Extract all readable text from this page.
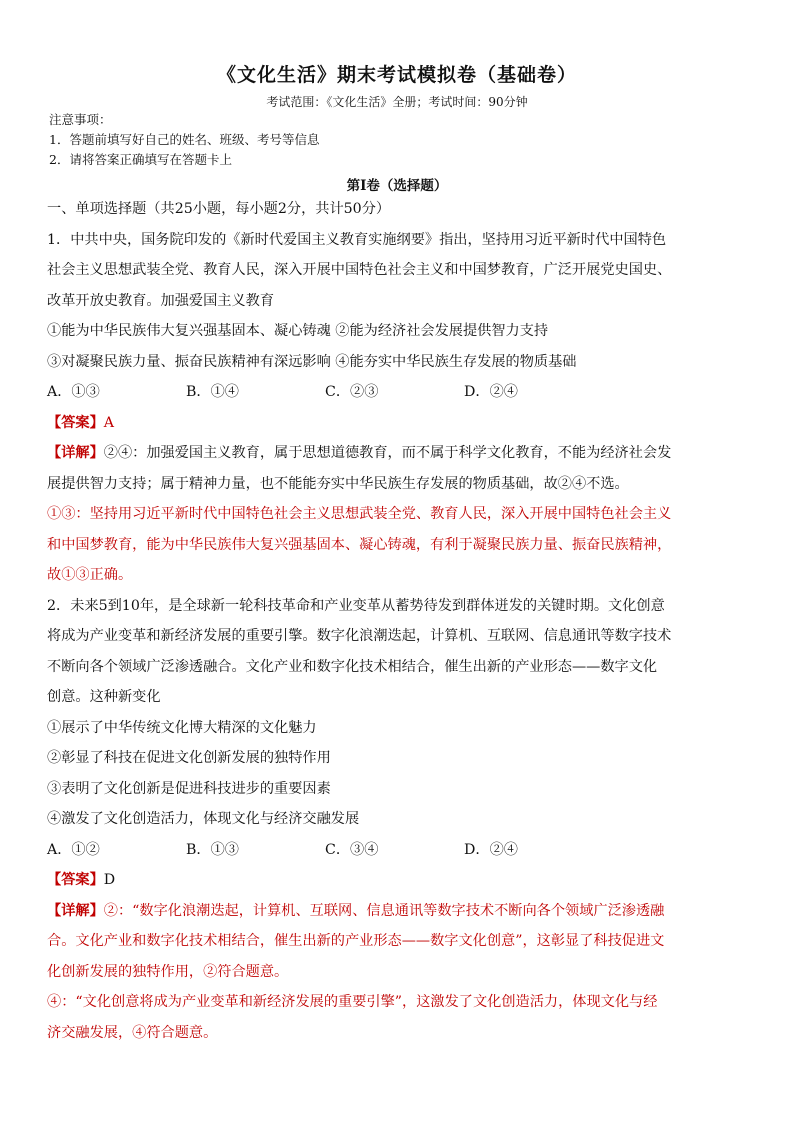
《文化生活》期末考试模拟卷（基础卷）
考试范围：《文化生活》全册；考试时间：90分钟
注意事项：
1．答题前填写好自己的姓名、班级、考号等信息
2．请将答案正确填写在答题卡上
第I卷（选择题）

一、单项选择题（共25小题，每小题2分，共计50分）

1．中共中央，国务院印发的《新时代爱国主义教育实施纲要》指出，坚持用习近平新时代中国特色

社会主义思想武装全党、教育人民，深入开展中国特色社会主义和中国梦教育，广泛开展党史国史、

改革开放史教育。加强爱国主义教育

①能为中华民族伟大复兴强基固本、凝心铸魂 ②能为经济社会发展提供智力支持

③对凝聚民族力量、振奋民族精神有深远影响 ④能夯实中华民族生存发展的物质基础

A．①③	B．①④	C．②③	D．②④

【答案】A

【详解】②④：加强爱国主义教育，属于思想道德教育，而不属于科学文化教育，不能为经济社会发

展提供智力支持；属于精神力量，也不能能夯实中华民族生存发展的物质基础，故②④不选。

①③：坚持用习近平新时代中国特色社会主义思想武装全党、教育人民，深入开展中国特色社会主义

和中国梦教育，能为中华民族伟大复兴强基固本、凝心铸魂，有利于凝聚民族力量、振奋民族精神，

故①③正确。

2．未来5到10年，是全球新一轮科技革命和产业变革从蓄势待发到群体迸发的关键时期。文化创意

将成为产业变革和新经济发展的重要引擎。数字化浪潮迭起，计算机、互联网、信息通讯等数字技术

不断向各个领域广泛渗透融合。文化产业和数字化技术相结合，催生出新的产业形态——数字文化

创意。这种新变化

①展示了中华传统文化博大精深的文化魅力

②彰显了科技在促进文化创新发展的独特作用

③表明了文化创新是促进科技进步的重要因素

④激发了文化创造活力，体现文化与经济交融发展

A．①②	B．①③	C．③④	D．②④

【答案】D

【详解】②：“数字化浪潮迭起，计算机、互联网、信息通讯等数字技术不断向各个领域广泛渗透融

合。文化产业和数字化技术相结合，催生出新的产业形态——数字文化创意”，这彰显了科技促进文

化创新发展的独特作用，②符合题意。

④：“文化创意将成为产业变革和新经济发展的重要引擎”，这激发了文化创造活力，体现文化与经

济交融发展，④符合题意。
